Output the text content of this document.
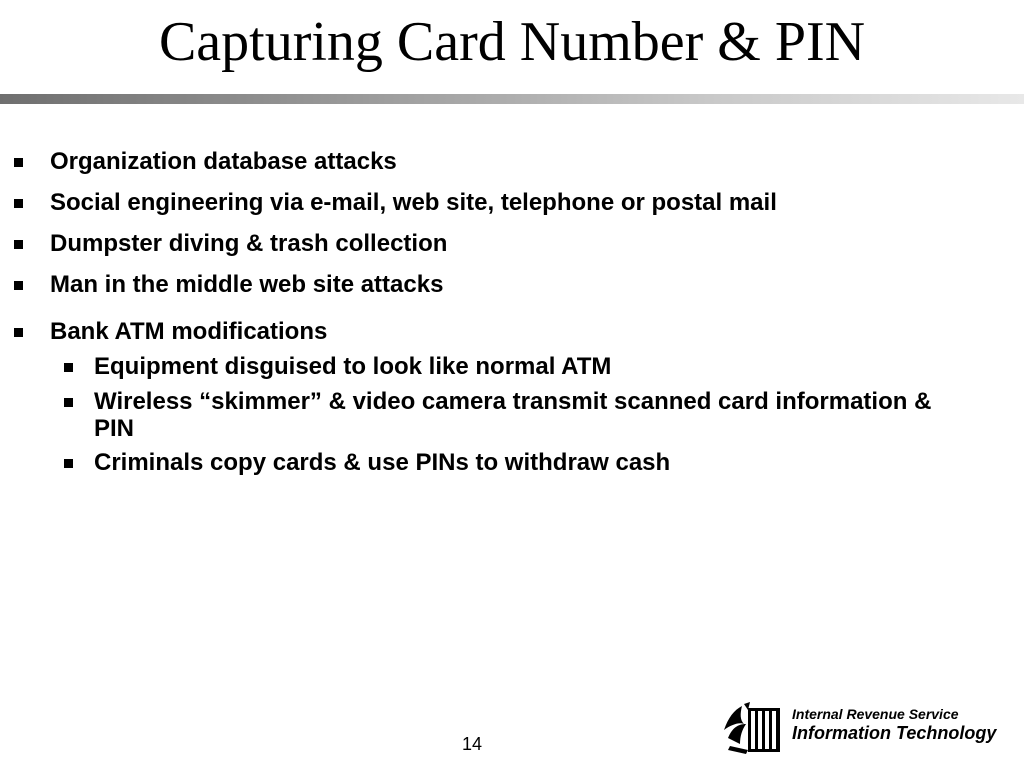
Capturing Card Number & PIN
Organization database attacks
Social engineering via e-mail, web site, telephone or postal mail
Dumpster diving & trash collection
Man in the middle web site attacks
Bank ATM modifications
Equipment disguised to look like normal ATM
Wireless “skimmer” & video camera transmit scanned card information & PIN
Criminals copy cards & use PINs to withdraw cash
14
Internal Revenue Service
Information Technology
